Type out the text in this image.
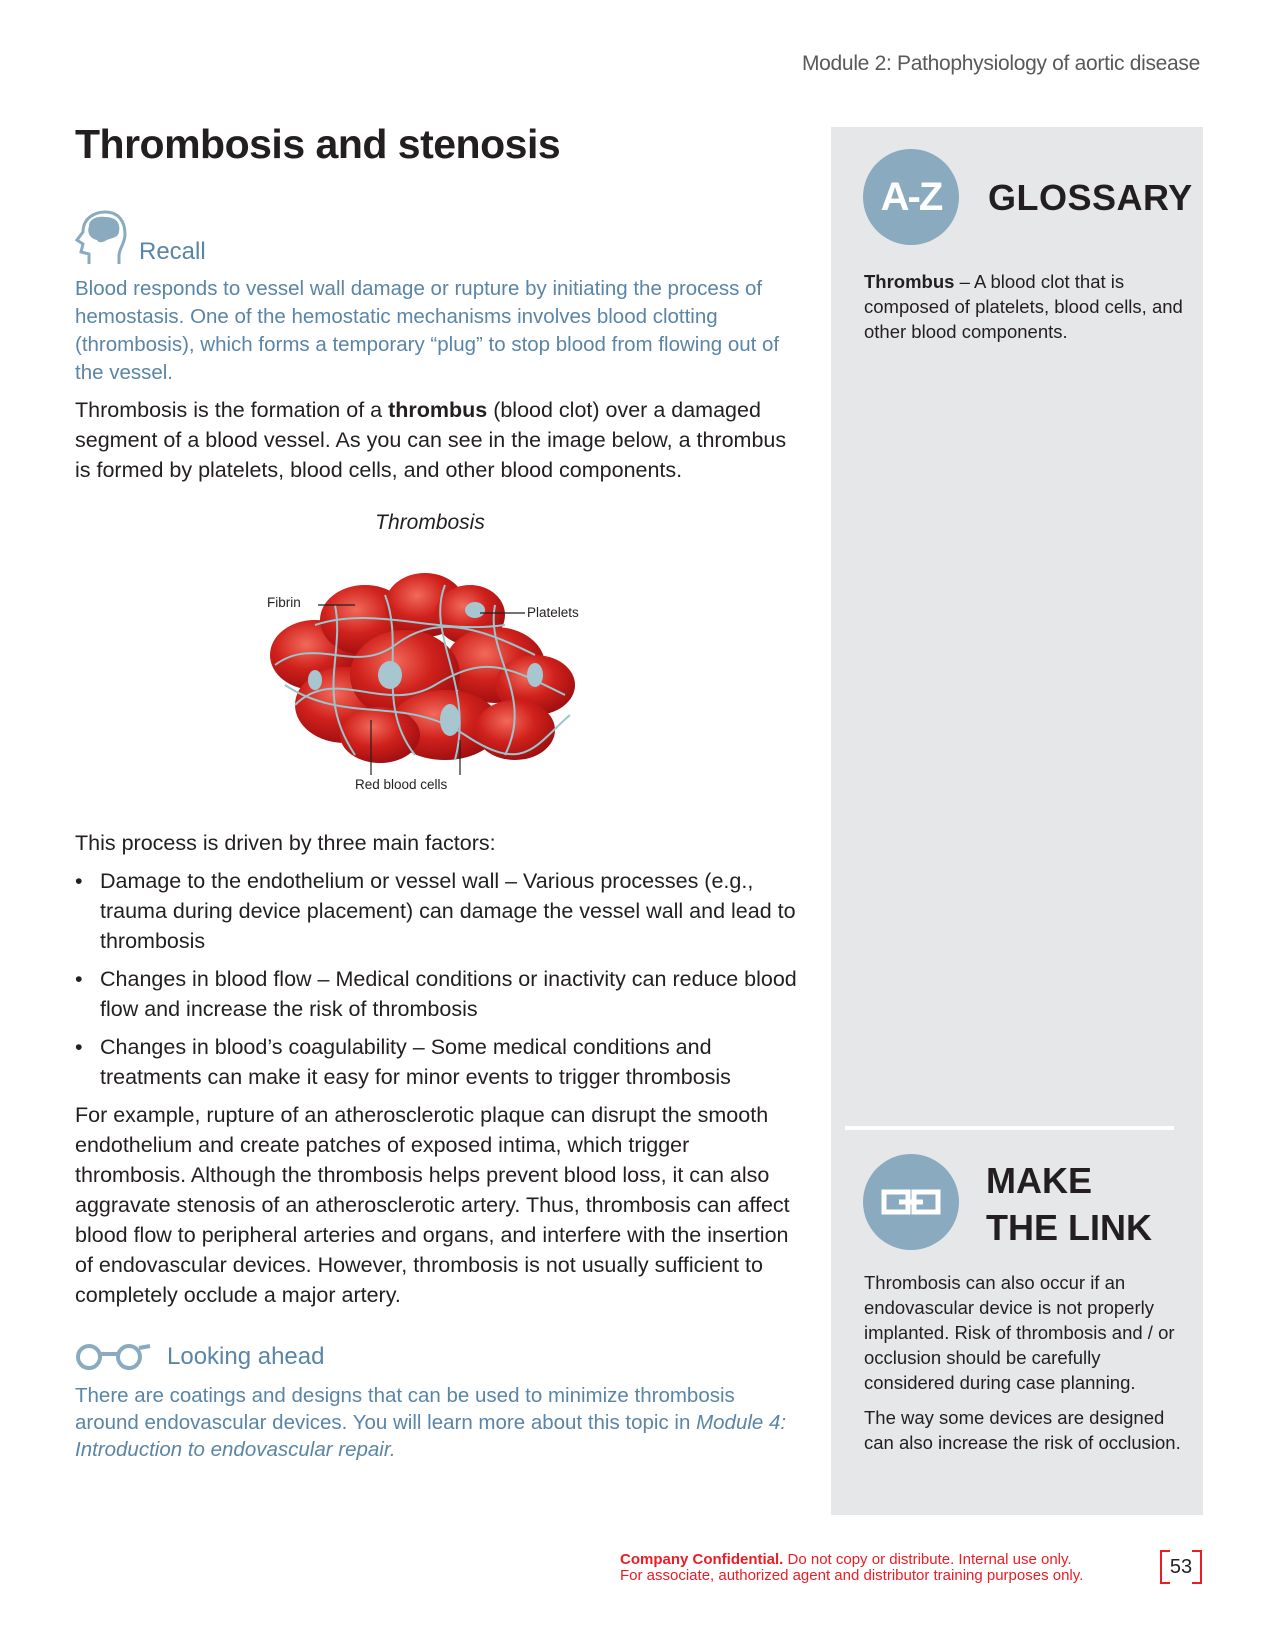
Module 2: Pathophysiology of aortic disease
Thrombosis and stenosis
Recall

Blood responds to vessel wall damage or rupture by initiating the process of hemostasis. One of the hemostatic mechanisms involves blood clotting (thrombosis), which forms a temporary “plug” to stop blood from flowing out of the vessel.

Thrombosis is the formation of a thrombus (blood clot) over a damaged segment of a blood vessel. As you can see in the image below, a thrombus is formed by platelets, blood cells, and other blood components.

Thrombosis
Fibrin
Platelets
Red blood cells

This process is driven by three main factors:

• Damage to the endothelium or vessel wall – Various processes (e.g., trauma during device placement) can damage the vessel wall and lead to thrombosis
• Changes in blood flow – Medical conditions or inactivity can reduce blood flow and increase the risk of thrombosis
• Changes in blood’s coagulability – Some medical conditions and treatments can make it easy for minor events to trigger thrombosis

For example, rupture of an atherosclerotic plaque can disrupt the smooth endothelium and create patches of exposed intima, which trigger thrombosis. Although the thrombosis helps prevent blood loss, it can also aggravate stenosis of an atherosclerotic artery. Thus, thrombosis can affect blood flow to peripheral arteries and organs, and interfere with the insertion of endovascular devices. However, thrombosis is not usually sufficient to completely occlude a major artery.

Looking ahead

There are coatings and designs that can be used to minimize thrombosis around endovascular devices. You will learn more about this topic in Module 4: Introduction to endovascular repair.

A-Z	GLOSSARY

Thrombus – A blood clot that is composed of platelets, blood cells, and other blood components.

MAKE
THE LINK

Thrombosis can also occur if an endovascular device is not properly implanted. Risk of thrombosis and / or occlusion should be carefully considered during case planning.

The way some devices are designed can also increase the risk of occlusion.

Company Confidential. Do not copy or distribute. Internal use only.
For associate, authorized agent and distributor training purposes only.	53
